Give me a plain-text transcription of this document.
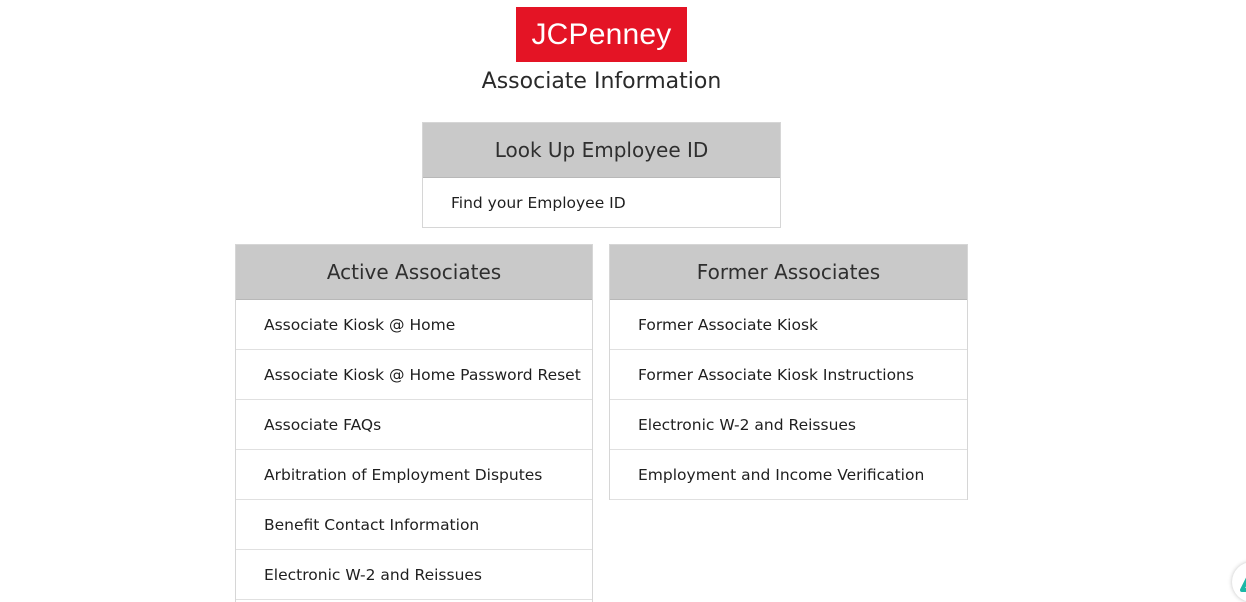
JCPenney
Associate Information
Look Up Employee ID
Find your Employee ID
Active Associates
Associate Kiosk @ Home
Associate Kiosk @ Home Password Reset
Associate FAQs
Arbitration of Employment Disputes
Benefit Contact Information
Electronic W-2 and Reissues
Former Associates
Former Associate Kiosk
Former Associate Kiosk Instructions
Electronic W-2 and Reissues
Employment and Income Verification
